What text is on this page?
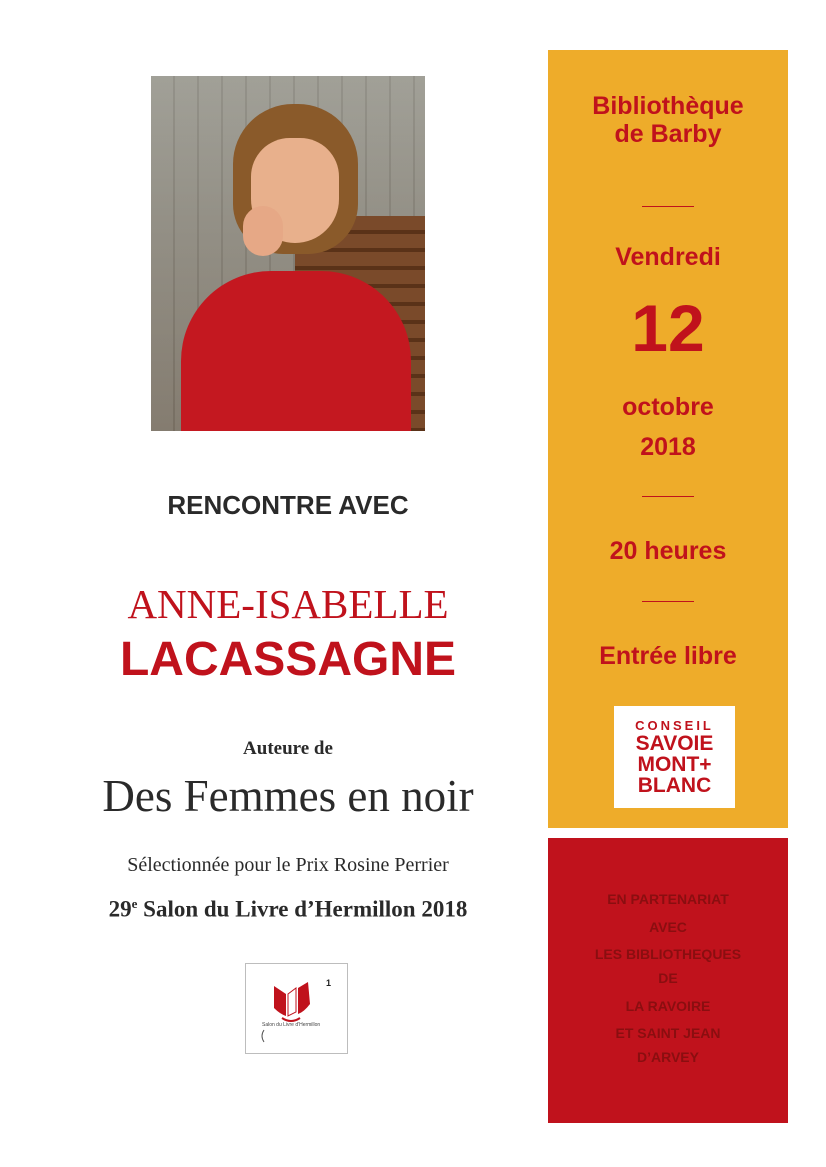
RENCONTRE AVEC

ANNE-ISABELLE

LACASSAGNE

Auteure de

Des Femmes en noir

Sélectionnée pour le Prix Rosine Perrier

29e Salon du Livre d’Hermillon 2018

1
Salon du Livre d'Hermillon

Bibliothèque
de Barby

Vendredi

12

octobre

2018

20 heures

Entrée libre

CONSEIL
SAVOIE
MONT+
BLANC

EN PARTENARIAT

AVEC

LES BIBLIOTHEQUES

DE

LA RAVOIRE

ET SAINT JEAN

D’ARVEY
